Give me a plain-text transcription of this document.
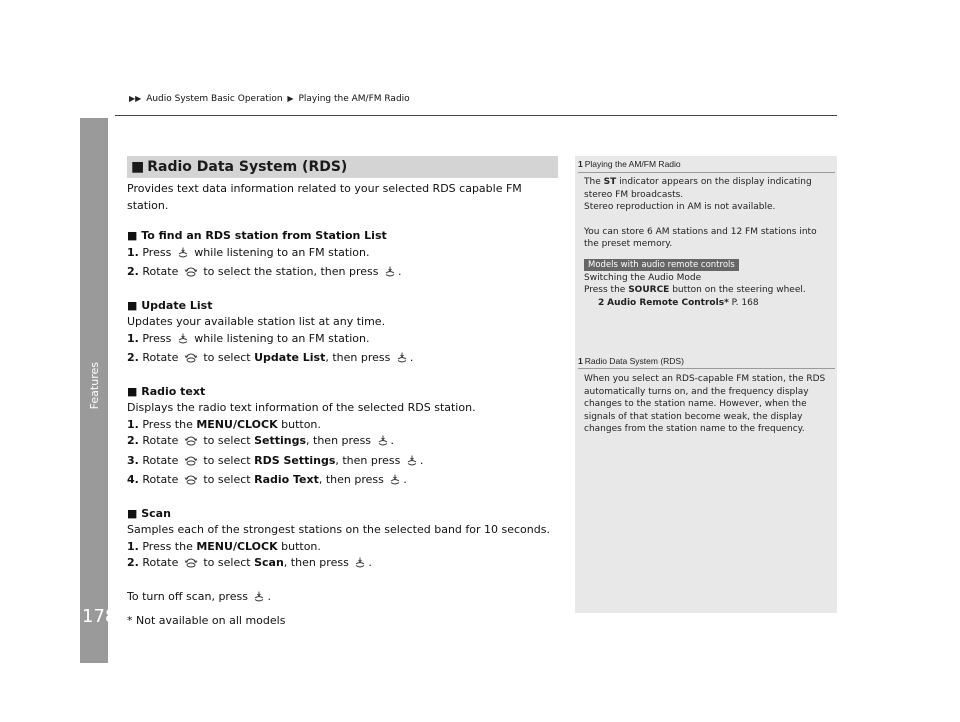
Features
178
▶▶ Audio System Basic Operation ▶ Playing the AM/FM Radio
■ Radio Data System (RDS)

Provides text data information related to your selected RDS capable FM station.

■ To find an RDS station from Station List

1. Press while listening to an FM station.

2. Rotate to select the station, then press .

■ Update List

Updates your available station list at any time.

1. Press while listening to an FM station.

2. Rotate to select Update List, then press .

■ Radio text

Displays the radio text information of the selected RDS station.

1. Press the MENU/CLOCK button.

2. Rotate to select Settings, then press .

3. Rotate to select RDS Settings, then press .

4. Rotate to select Radio Text, then press .

■ Scan

Samples each of the strongest stations on the selected band for 10 seconds.

1. Press the MENU/CLOCK button.

2. Rotate to select Scan, then press .

To turn off scan, press .

1 Playing the AM/FM Radio

The ST indicator appears on the display indicating

stereo FM broadcasts.

Stereo reproduction in AM is not available.

You can store 6 AM stations and 12 FM stations into

the preset memory.

Models with audio remote controls

Switching the Audio Mode

Press the SOURCE button on the steering wheel.

2 Audio Remote Controls* P. 168

1 Radio Data System (RDS)

When you select an RDS-capable FM station, the RDS

automatically turns on, and the frequency display

changes to the station name. However, when the

signals of that station become weak, the display

changes from the station name to the frequency.

* Not available on all models
